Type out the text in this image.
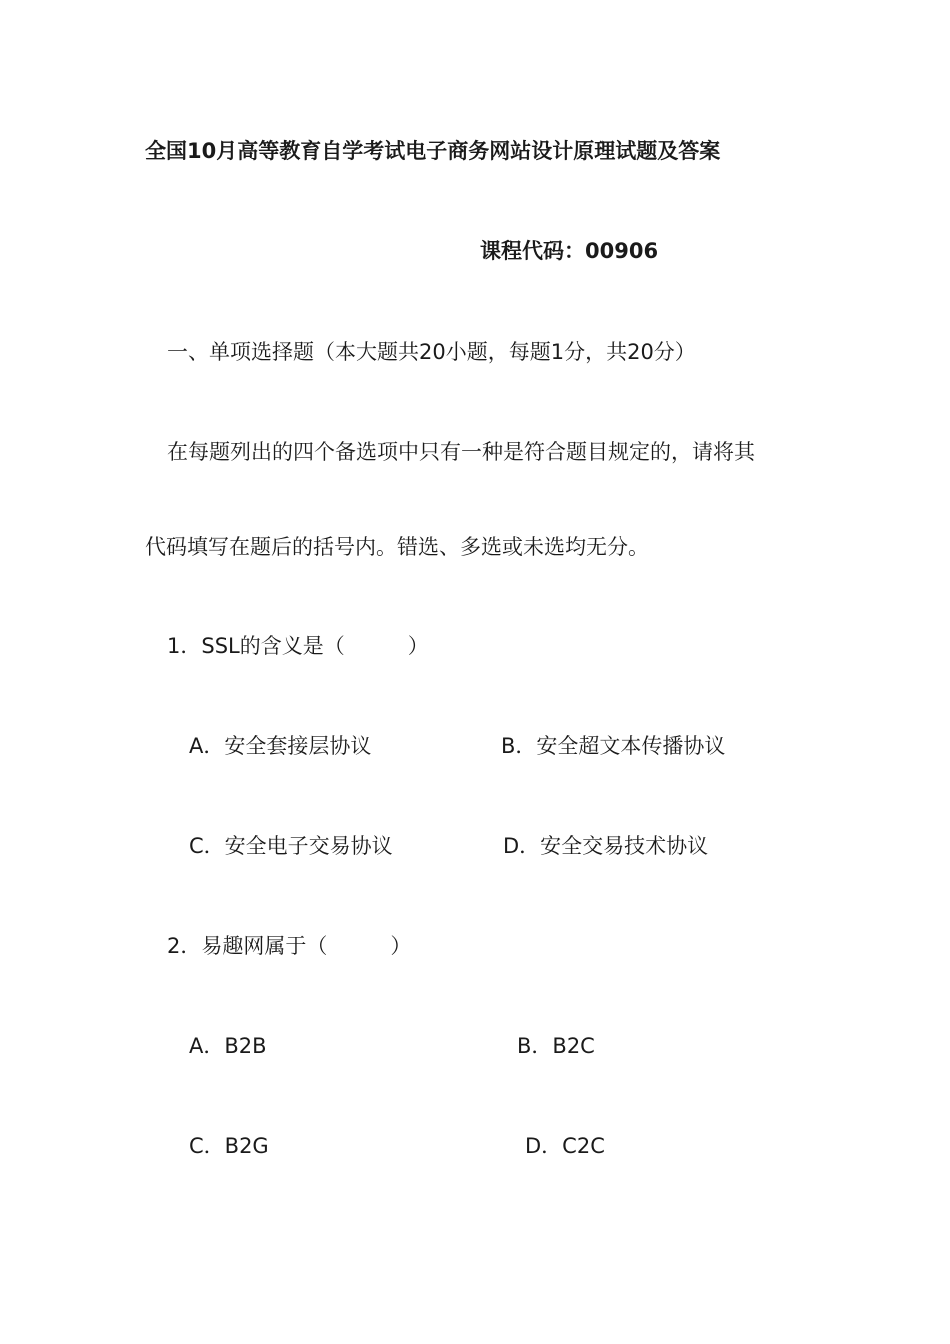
全国10月高等教育自学考试电子商务网站设计原理试题及答案
课程代码：00906
一、单项选择题（本大题共20小题，每题1分，共20分）
在每题列出的四个备选项中只有一种是符合题目规定的，请将其
代码填写在题后的括号内。错选、多选或未选均无分。
1．SSL的含义是（　　　）
A．安全套接层协议	B．安全超文本传播协议
C．安全电子交易协议	D．安全交易技术协议
2．易趣网属于（　　　）
A．B2B	B．B2C
C．B2G	D．C2C
